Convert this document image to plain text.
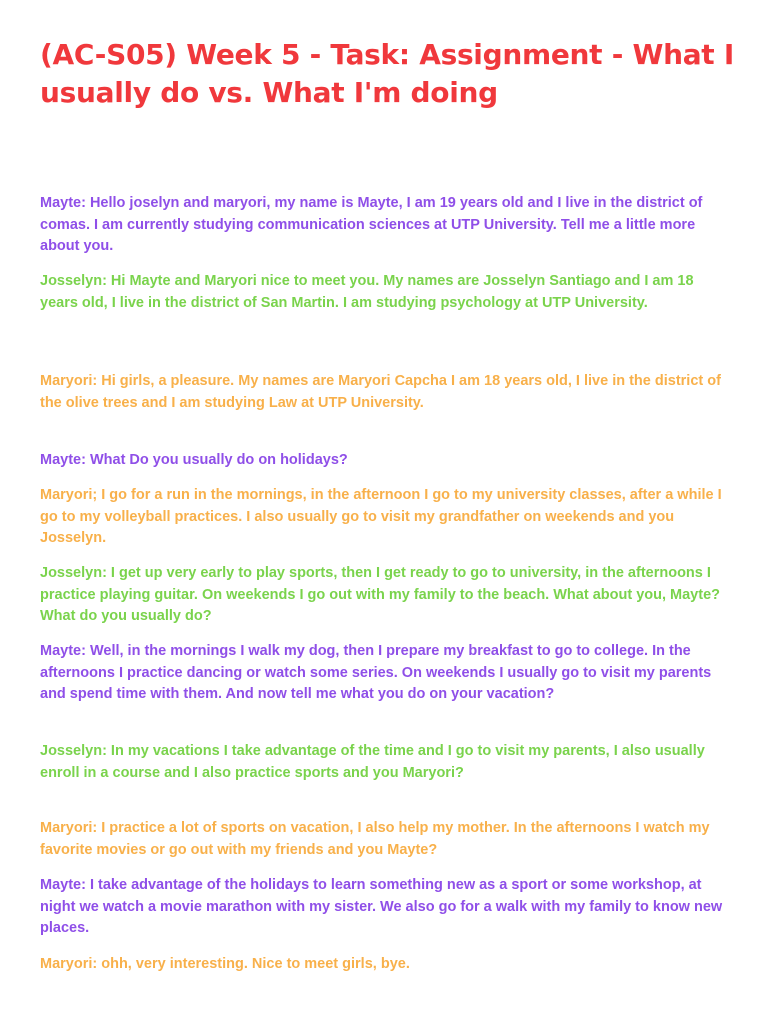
(AC-S05) Week 5 - Task: Assignment - What I usually do vs. What I'm doing

Mayte: Hello joselyn and maryori, my name is Mayte, I am 19 years old and I live in the district of comas. I am currently studying communication sciences at UTP University. Tell me a little more about you.

Josselyn: Hi Mayte and Maryori nice to meet you. My names are Josselyn Santiago and I am 18 years old, I live in the district of San Martin. I am studying psychology at UTP University.

Maryori: Hi girls, a pleasure. My names are Maryori Capcha I am 18 years old, I live in the district of the olive trees and I am studying Law at UTP University.

Mayte: What Do you usually do on holidays?

Maryori; I go for a run in the mornings, in the afternoon I go to my university classes, after a while I go to my volleyball practices. I also usually go to visit my grandfather on weekends and you Josselyn.

Josselyn: I get up very early to play sports, then I get ready to go to university, in the afternoons I practice playing guitar. On weekends I go out with my family to the beach. What about you, Mayte? What do you usually do?

Mayte: Well, in the mornings I walk my dog, then I prepare my breakfast to go to college. In the afternoons I practice dancing or watch some series. On weekends I usually go to visit my parents and spend time with them. And now tell me what you do on your vacation?

Josselyn: In my vacations I take advantage of the time and I go to visit my parents, I also usually enroll in a course and I also practice sports and you Maryori?

Maryori: I practice a lot of sports on vacation, I also help my mother. In the afternoons I watch my favorite movies or go out with my friends and you Mayte?

Mayte: I take advantage of the holidays to learn something new as a sport or some workshop, at night we watch a movie marathon with my sister. We also go for a walk with my family to know new places.

Maryori: ohh, very interesting. Nice to meet girls, bye.
